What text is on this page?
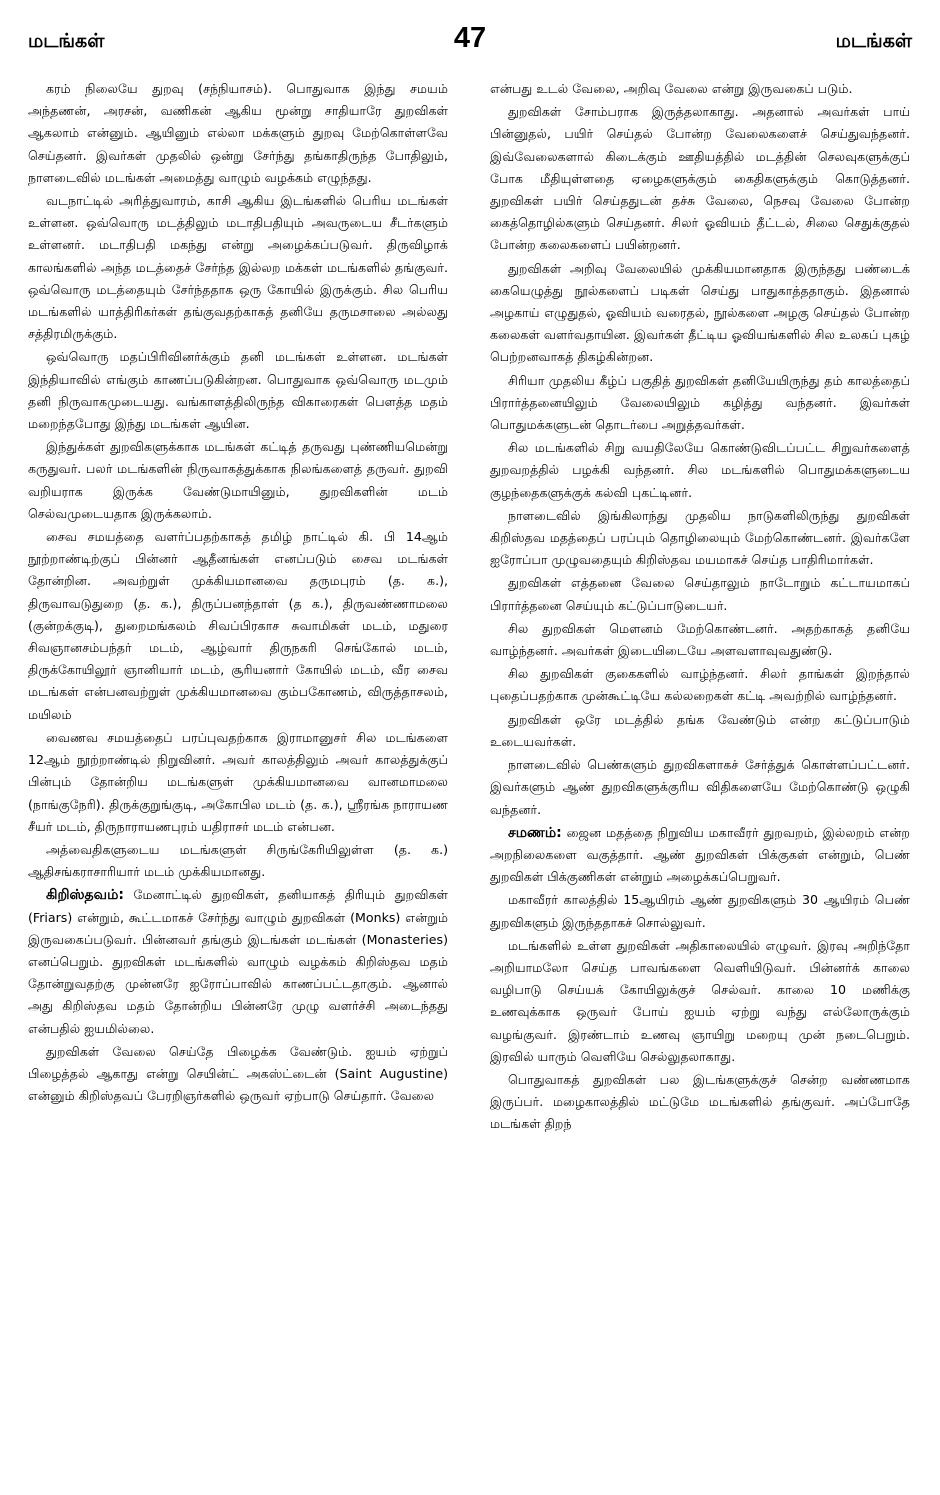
மடங்கள்	47	மடங்கள்

கரம் நிலையே துறவு (சந்நியாசம்). பொதுவாக இந்து சமயம் அந்தணன், அரசன், வணிகன் ஆகிய மூன்று சாதியாரே துறவிகள் ஆகலாம் என்னும். ஆயினும் எல்லா மக்களும் துறவு மேற்கொள்ளவே செய்தனர். இவர்கள் முதலில் ஒன்று சேர்ந்து தங்காதிருந்த போதிலும், நாளடைவில் மடங்கள் அமைத்து வாழும் வழக்கம் எழுந்தது.

வடநாட்டில் அரித்துவாரம், காசி ஆகிய இடங்களில் பெரிய மடங்கள் உள்ளன. ஒவ்வொரு மடத்திலும் மடாதிபதியும் அவருடைய சீடர்களும் உள்ளனர். மடாதிபதி மகந்து என்று அழைக்கப்படுவர். திருவிழாக் காலங்களில் அந்த மடத்தைச் சேர்ந்த இல்லற மக்கள் மடங்களில் தங்குவர். ஒவ்வொரு மடத்தையும் சேர்ந்ததாக ஒரு கோயில் இருக்கும். சில பெரிய மடங்களில் யாத்திரிகர்கள் தங்குவதற்காகத் தனியே தருமசாலை அல்லது சத்திரமிருக்கும்.

ஒவ்வொரு மதப்பிரிவினர்க்கும் தனி மடங்கள் உள்ளன. மடங்கள் இந்தியாவில் எங்கும் காணப்படுகின்றன. பொதுவாக ஒவ்வொரு மடமும் தனி நிருவாகமுடையது. வங்காளத்திலிருந்த விகாரைகள் பௌத்த மதம் மறைந்தபோது இந்து மடங்கள் ஆயின.

இந்துக்கள் துறவிகளுக்காக மடங்கள் கட்டித் தருவது புண்ணியமென்று கருதுவர். பலர் மடங்களின் நிருவாகத்துக்காக நிலங்களைத் தருவர். துறவி வறியராக இருக்க வேண்டுமாயினும், துறவிகளின் மடம் செல்வமுடையதாக இருக்கலாம்.

சைவ சமயத்தை வளர்ப்பதற்காகத் தமிழ் நாட்டில் கி. பி 14ஆம் நூற்றாண்டிற்குப் பின்னர் ஆதீனங்கள் எனப்படும் சைவ மடங்கள் தோன்றின. அவற்றுள் முக்கியமானவை தருமபுரம் (த. க.), திருவாவடுதுறை (த. க.), திருப்பனந்தாள் (த க.), திருவண்ணாமலை (குன்றக்குடி), துறைமங்கலம் சிவப்பிரகாச சுவாமிகள் மடம், மதுரை சிவஞானசம்பந்தர் மடம், ஆழ்வார் திருநகரி செங்கோல் மடம், திருக்கோயிலூர் ஞானியார் மடம், சூரியனார் கோயில் மடம், வீர சைவ மடங்கள் என்பனவற்றுள் முக்கியமானவை கும்பகோணம், விருத்தாசலம், மயிலம்

வைணவ சமயத்தைப் பரப்புவதற்காக இராமானுசர் சில மடங்களை 12ஆம் நூற்றாண்டில் நிறுவினர். அவர் காலத்திலும் அவர் காலத்துக்குப் பின்பும் தோன்றிய மடங்களுள் முக்கியமானவை வானமாமலை (நாங்குநேரி). திருக்குறுங்குடி, அகோபில மடம் (த. க.), ஸ்ரீரங்க நாராயண சீயர் மடம், திருநாராயணபுரம் யதிராசர் மடம் என்பன.

அத்வைதிகளுடைய மடங்களுள் சிருங்கேரியிலுள்ள (த. க.) ஆதிசங்கராசாரியார் மடம் முக்கியமானது.

கிறிஸ்தவம்: மேனாட்டில் துறவிகள், தனியாகத் திரியும் துறவிகள் (Friars) என்றும், கூட்டமாகச் சேர்ந்து வாழும் துறவிகள் (Monks) என்றும் இருவகைப்படுவர். பின்னவர் தங்கும் இடங்கள் மடங்கள் (Monasteries) எனப்பெறும். துறவிகள் மடங்களில் வாழும் வழக்கம் கிறிஸ்தவ மதம் தோன்றுவதற்கு முன்னரே ஐரோப்பாவில் காணப்பட்டதாகும். ஆனால் அது கிறிஸ்தவ மதம் தோன்றிய பின்னரே முழு வளர்ச்சி அடைந்தது என்பதில் ஐயமில்லை.

துறவிகள் வேலை செய்தே பிழைக்க வேண்டும். ஐயம் ஏற்றுப் பிழைத்தல் ஆகாது என்று செயின்ட் அகஸ்ட்டைன் (Saint Augustine) என்னும் கிறிஸ்தவப் பேரறிஞர்களில் ஒருவர் ஏற்பாடு செய்தார். வேலை

என்பது உடல் வேலை, அறிவு வேலை என்று இருவகைப் படும்.

துறவிகள் சோம்பராக இருத்தலாகாது. அதனால் அவர்கள் பாய் பின்னுதல், பயிர் செய்தல் போன்ற வேலைகளைச் செய்துவந்தனர். இவ்வேலைகளால் கிடைக்கும் ஊதியத்தில் மடத்தின் செலவுகளுக்குப் போக மீதியுள்ளதை ஏழைகளுக்கும் கைதிகளுக்கும் கொடுத்தனர். துறவிகள் பயிர் செய்ததுடன் தச்சு வேலை, நெசவு வேலை போன்ற கைத்தொழில்களும் செய்தனர். சிலர் ஓவியம் தீட்டல், சிலை செதுக்குதல் போன்ற கலைகளைப் பயின்றனர்.

துறவிகள் அறிவு வேலையில் முக்கியமானதாக இருந்தது பண்டைக் கையெழுத்து நூல்களைப் படிகள் செய்து பாதுகாத்ததாகும். இதனால் அழகாய் எழுதுதல், ஓவியம் வரைதல், நூல்களை அழகு செய்தல் போன்ற கலைகள் வளர்வதாயின. இவர்கள் தீட்டிய ஓவியங்களில் சில உலகப் புகழ் பெற்றனவாகத் திகழ்கின்றன.

சிரியா முதலிய கீழ்ப் பகுதித் துறவிகள் தனியேயிருந்து தம் காலத்தைப் பிரார்த்தனையிலும் வேலையிலும் கழித்து வந்தனர். இவர்கள் பொதுமக்களுடன் தொடர்பை அறுத்தவர்கள்.

சில மடங்களில் சிறு வயதிலேயே கொண்டுவிடப்பட்ட சிறுவர்களைத் துறவறத்தில் பழக்கி வந்தனர். சில மடங்களில் பொதுமக்களுடைய குழந்தைகளுக்குக் கல்வி புகட்டினர்.

நாளடைவில் இங்கிலாந்து முதலிய நாடுகளிலிருந்து துறவிகள் கிறிஸ்தவ மதத்தைப் பரப்பும் தொழிலையும் மேற்கொண்டனர். இவர்களே ஐரோப்பா முழுவதையும் கிறிஸ்தவ மயமாகச் செய்த பாதிரிமார்கள்.

துறவிகள் எத்தனை வேலை செய்தாலும் நாடோறும் கட்டாயமாகப் பிரார்த்தனை செய்யும் கட்டுப்பாடுடையர்.

சில துறவிகள் மௌனம் மேற்கொண்டனர். அதற்காகத் தனியே வாழ்ந்தனர். அவர்கள் இடையிடையே அளவளாவுவதுண்டு.

சில துறவிகள் குகைகளில் வாழ்ந்தனர். சிலர் தாங்கள் இறந்தால் புதைப்பதற்காக முன்கூட்டியே கல்லறைகள் கட்டி அவற்றில் வாழ்ந்தனர்.

துறவிகள் ஒரே மடத்தில் தங்க வேண்டும் என்ற கட்டுப்பாடும் உடையவர்கள்.

நாளடைவில் பெண்களும் துறவிகளாகச் சேர்த்துக் கொள்ளப்பட்டனர். இவர்களும் ஆண் துறவிகளுக்குரிய விதிகளையே மேற்கொண்டு ஒழுகி வந்தனர்.

சமணம்: ஜைன மதத்தை நிறுவிய மகாவீரர் துறவறம், இல்லறம் என்ற அறநிலைகளை வகுத்தார். ஆண் துறவிகள் பிக்குகள் என்றும், பெண் துறவிகள் பிக்குணிகள் என்றும் அழைக்கப்பெறுவர்.

மகாவீரர் காலத்தில் 15ஆயிரம் ஆண் துறவிகளும் 30 ஆயிரம் பெண் துறவிகளும் இருந்ததாகச் சொல்லுவர்.

மடங்களில் உள்ள துறவிகள் அதிகாலையில் எழுவர். இரவு அறிந்தோ அறியாமலோ செய்த பாவங்களை வெளியிடுவர். பின்னர்க் காலை வழிபாடு செய்யக் கோயிலுக்குச் செல்வர். காலை 10 மணிக்கு உணவுக்காக ஒருவர் போய் ஐயம் ஏற்று வந்து எல்லோருக்கும் வழங்குவர். இரண்டாம் உணவு ஞாயிறு மறையு முன் நடைபெறும். இரவில் யாரும் வெளியே செல்லுதலாகாது.

பொதுவாகத் துறவிகள் பல இடங்களுக்குச் சென்ற வண்ணமாக இருப்பர். மழைகாலத்தில் மட்டுமே மடங்களில் தங்குவர். அப்போதே மடங்கள் திறந்
